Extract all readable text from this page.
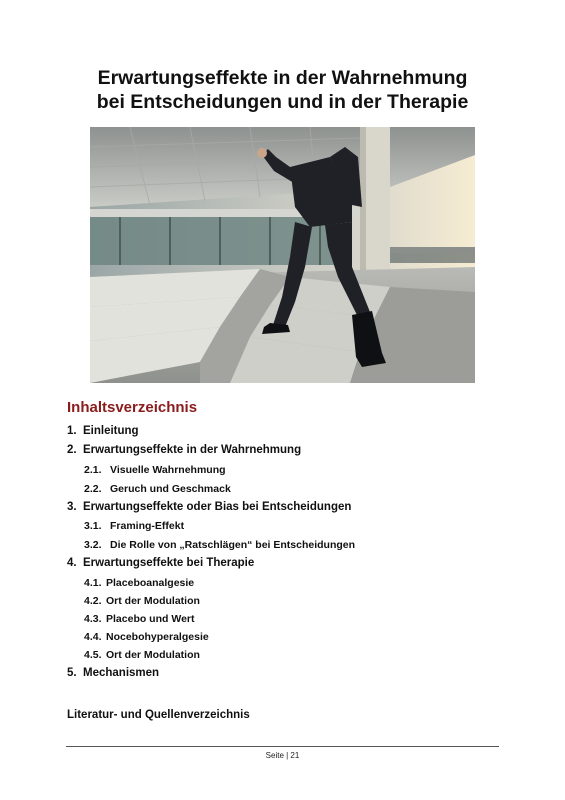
Erwartungseffekte in der Wahrnehmung
bei Entscheidungen und in der Therapie
Inhaltsverzeichnis
1. Einleitung
2. Erwartungseffekte in der Wahrnehmung
2.1. Visuelle Wahrnehmung
2.2. Geruch und Geschmack
3. Erwartungseffekte oder Bias bei Entscheidungen
3.1. Framing-Effekt
3.2. Die Rolle von „Ratschlägen“ bei Entscheidungen
4. Erwartungseffekte bei Therapie
4.1. Placeboanalgesie
4.2. Ort der Modulation
4.3. Placebo und Wert
4.4. Nocebohyperalgesie
4.5. Ort der Modulation
5. Mechanismen
Literatur- und Quellenverzeichnis
Seite | 21
